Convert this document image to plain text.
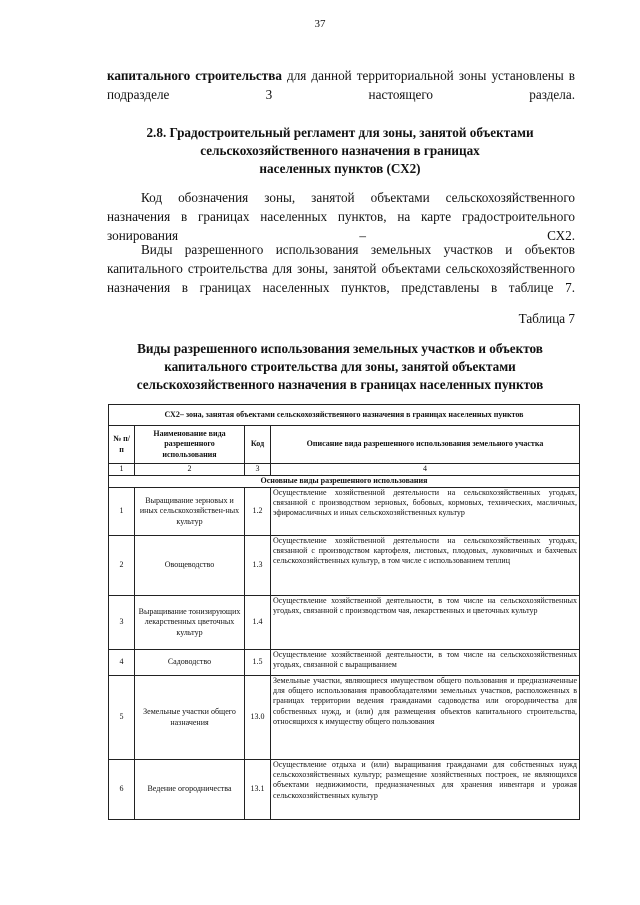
37
капитального строительства для данной территориальной зоны установлены в подразделе 3 настоящего раздела.
2.8. Градостроительный регламент для зоны, занятой объектами
сельскохозяйственного назначения в границах
населенных пунктов (СХ2)
Код обозначения зоны, занятой объектами сельскохозяйственного назначения в границах населенных пунктов, на карте градостроительного зонирования – СХ2.
Виды разрешенного использования земельных участков и объектов капитального строительства для зоны, занятой объектами сельскохозяйственного назначения в границах населенных пунктов, представлены в таблице 7.
Таблица 7
Виды разрешенного использования земельных участков и объектов
капитального строительства для зоны, занятой объектами
сельскохозяйственного назначения в границах населенных пунктов
СХ2– зона, занятая объектами сельскохозяйственного назначения в границах населенных пунктов			
№ п/п	Наименование вида разрешенного использования	Код	Описание вида разрешенного использования земельного участка
1	2	3	4
Основные виды разрешенного использования			
1	Выращивание зерновых и иных сельскохозяйствен-ных культур	1.2	Осуществление хозяйственной деятельности на сельскохозяйственных угодьях, связанной с производством зерновых, бобовых, кормовых, технических, масличных, эфиромасличных и иных сельскохозяйственных культур
2	Овощеводство	1.3	Осуществление хозяйственной деятельности на сельскохозяйственных угодьях, связанной с производством картофеля, листовых, плодовых, луковичных и бахчевых сельскохозяйственных культур, в том числе с использованием теплиц
3	Выращивание тонизирующих лекарственных цветочных культур	1.4	Осуществление хозяйственной деятельности, в том числе на сельскохозяйственных угодьях, связанной с производством чая, лекарственных и цветочных культур
4	Садоводство	1.5	Осуществление хозяйственной деятельности, в том числе на сельскохозяйственных угодьях, связанной с выращиванием
5	Земельные участки общего назначения	13.0	Земельные участки, являющиеся имуществом общего пользования и предназначенные для общего использования правообладателями земельных участков, расположенных в границах территории ведения гражданами садоводства или огородничества для собственных нужд, и (или) для размещения объектов капитального строительства, относящихся к имуществу общего пользования
6	Ведение огородничества	13.1	Осуществление отдыха и (или) выращивания гражданами для собственных нужд сельскохозяйственных культур; размещение хозяйственных построек, не являющихся объектами недвижимости, предназначенных для хранения инвентаря и урожая сельскохозяйственных культур
